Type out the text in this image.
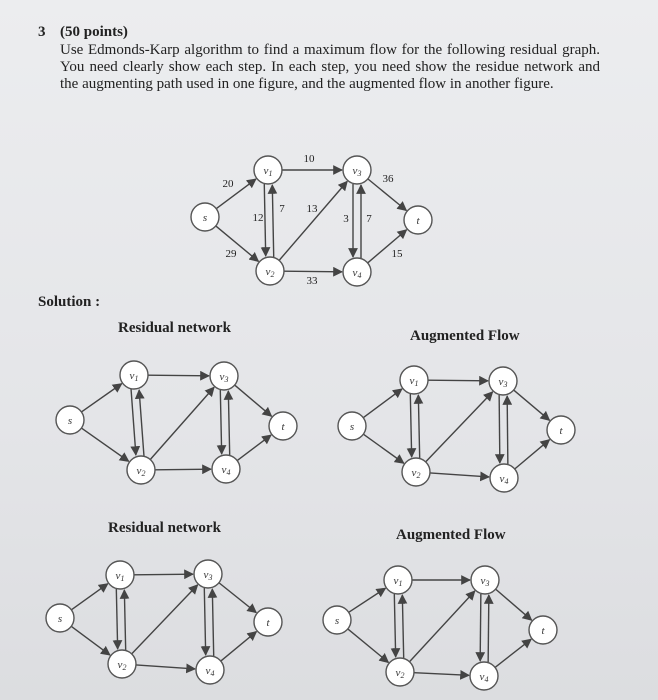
3 (50 points)
Use Edmonds-Karp algorithm to find a maximum flow for the following residual graph. You need clearly show each step. In each step, you need show the residue network and the augmenting path used in one figure, and the augmented flow in another figure.
Solution :
Residual network	Augmented Flow
Residual network	Augmented Flow
s
v1
v2
v3
v4
t
20
29
10
12
7 13
3 7
36
15
33
s
v1
v2
v3
v4
t	s
v1
v2
v3
v4
t
s
v1
v2
v3
v4
t	s
v1
v2
v3
v4
t
